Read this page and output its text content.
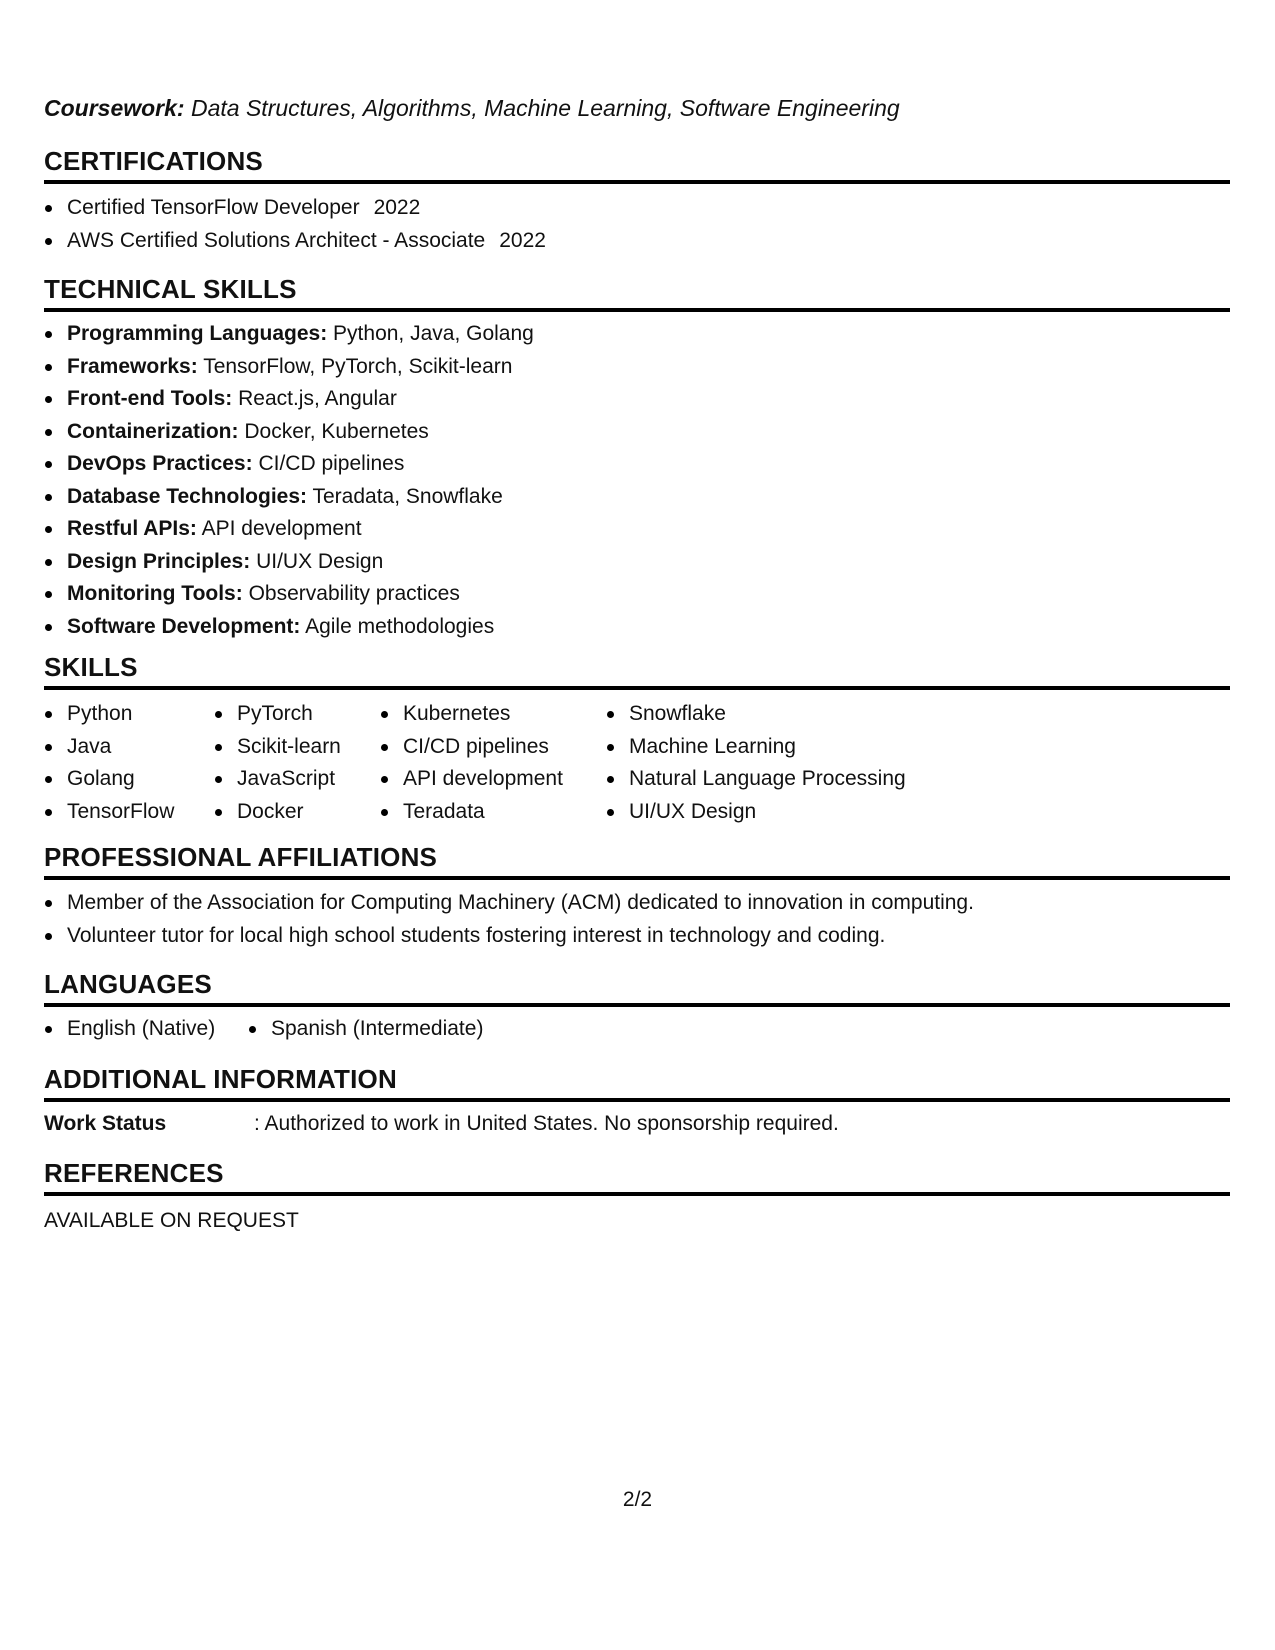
Coursework: Data Structures, Algorithms, Machine Learning, Software Engineering
CERTIFICATIONS
Certified TensorFlow Developer 2022
AWS Certified Solutions Architect - Associate 2022
TECHNICAL SKILLS
Programming Languages: Python, Java, Golang
Frameworks: TensorFlow, PyTorch, Scikit-learn
Front-end Tools: React.js, Angular
Containerization: Docker, Kubernetes
DevOps Practices: CI/CD pipelines
Database Technologies: Teradata, Snowflake
Restful APIs: API development
Design Principles: UI/UX Design
Monitoring Tools: Observability practices
Software Development: Agile methodologies
SKILLS
Python
Java
Golang
TensorFlow
PyTorch
Scikit-learn
JavaScript
Docker
Kubernetes
CI/CD pipelines
API development
Teradata
Snowflake
Machine Learning
Natural Language Processing
UI/UX Design
PROFESSIONAL AFFILIATIONS
Member of the Association for Computing Machinery (ACM) dedicated to innovation in computing.
Volunteer tutor for local high school students fostering interest in technology and coding.
LANGUAGES
English (Native)	Spanish (Intermediate)
ADDITIONAL INFORMATION
Work Status	: Authorized to work in United States. No sponsorship required.
REFERENCES
AVAILABLE ON REQUEST
2/2
